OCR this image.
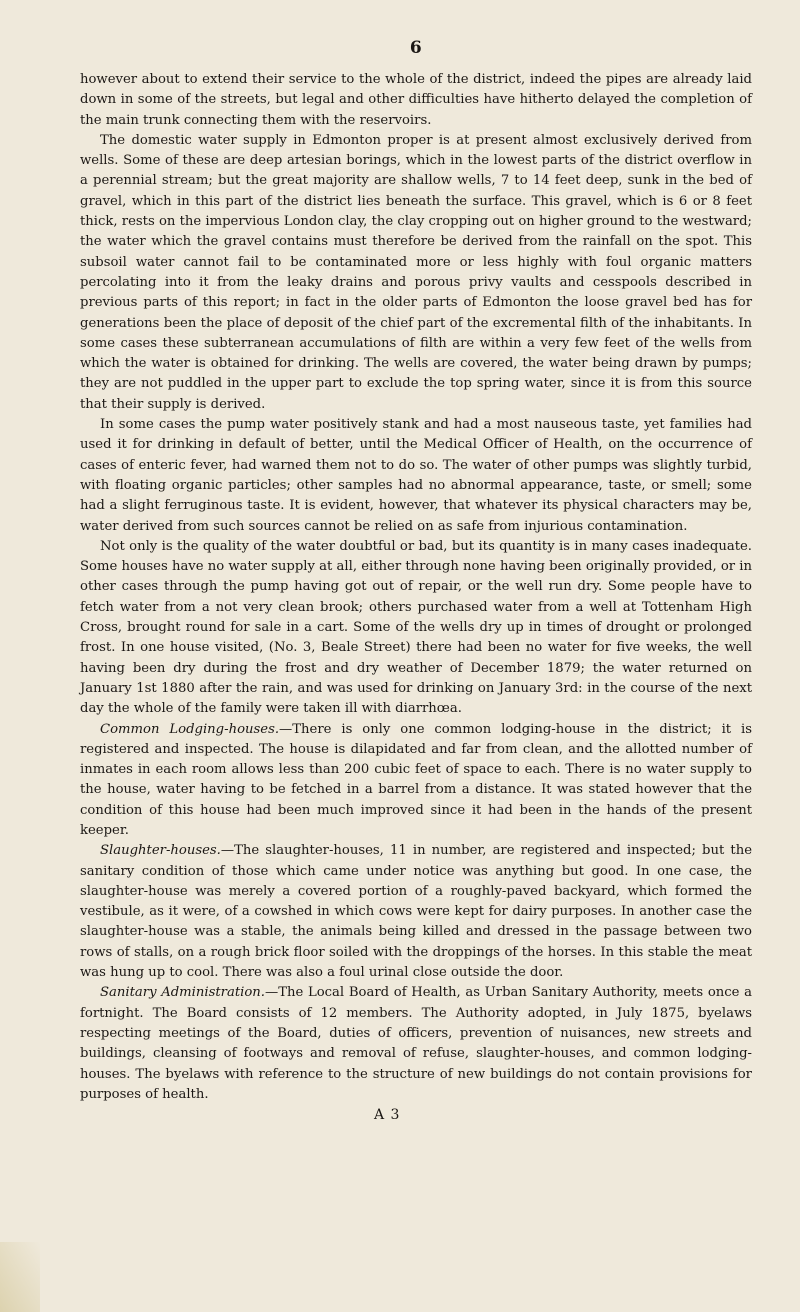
6

however about to extend their service to the whole of the district, indeed the pipes are already laid down in some of the streets, but legal and other difficulties have hitherto delayed the completion of the main trunk connecting them with the reservoirs.

The domestic water supply in Edmonton proper is at present almost exclusively derived from wells. Some of these are deep artesian borings, which in the lowest parts of the district overflow in a perennial stream; but the great majority are shallow wells, 7 to 14 feet deep, sunk in the bed of gravel, which in this part of the district lies beneath the surface. This gravel, which is 6 or 8 feet thick, rests on the impervious London clay, the clay cropping out on higher ground to the westward; the water which the gravel contains must therefore be derived from the rainfall on the spot. This subsoil water cannot fail to be contaminated more or less highly with foul organic matters percolating into it from the leaky drains and porous privy vaults and cesspools described in previous parts of this report; in fact in the older parts of Edmonton the loose gravel bed has for generations been the place of deposit of the chief part of the excremental filth of the inhabitants. In some cases these subterranean accumulations of filth are within a very few feet of the wells from which the water is obtained for drinking. The wells are covered, the water being drawn by pumps; they are not puddled in the upper part to exclude the top spring water, since it is from this source that their supply is derived.

In some cases the pump water positively stank and had a most nauseous taste, yet families had used it for drinking in default of better, until the Medical Officer of Health, on the occurrence of cases of enteric fever, had warned them not to do so. The water of other pumps was slightly turbid, with floating organic particles; other samples had no abnormal appearance, taste, or smell; some had a slight ferruginous taste. It is evident, however, that whatever its physical characters may be, water derived from such sources cannot be relied on as safe from injurious contamination.

Not only is the quality of the water doubtful or bad, but its quantity is in many cases inadequate. Some houses have no water supply at all, either through none having been originally provided, or in other cases through the pump having got out of repair, or the well run dry. Some people have to fetch water from a not very clean brook; others purchased water from a well at Tottenham High Cross, brought round for sale in a cart. Some of the wells dry up in times of drought or prolonged frost. In one house visited, (No. 3, Beale Street) there had been no water for five weeks, the well having been dry during the frost and dry weather of December 1879; the water returned on January 1st 1880 after the rain, and was used for drinking on January 3rd: in the course of the next day the whole of the family were taken ill with diarrhœa.

Common Lodging-houses.—There is only one common lodging-house in the district; it is registered and inspected. The house is dilapidated and far from clean, and the allotted number of inmates in each room allows less than 200 cubic feet of space to each. There is no water supply to the house, water having to be fetched in a barrel from a distance. It was stated however that the condition of this house had been much improved since it had been in the hands of the present keeper.

Slaughter-houses.—The slaughter-houses, 11 in number, are registered and inspected; but the sanitary condition of those which came under notice was anything but good. In one case, the slaughter-house was merely a covered portion of a roughly-paved backyard, which formed the vestibule, as it were, of a cowshed in which cows were kept for dairy purposes. In another case the slaughter-house was a stable, the animals being killed and dressed in the passage between two rows of stalls, on a rough brick floor soiled with the droppings of the horses. In this stable the meat was hung up to cool. There was also a foul urinal close outside the door.

Sanitary Administration.—The Local Board of Health, as Urban Sanitary Authority, meets once a fortnight. The Board consists of 12 members. The Authority adopted, in July 1875, byelaws respecting meetings of the Board, duties of officers, prevention of nuisances, new streets and buildings, cleansing of footways and removal of refuse, slaughter-houses, and common lodging-houses. The byelaws with reference to the structure of new buildings do not contain provisions for purposes of health.

A 3
